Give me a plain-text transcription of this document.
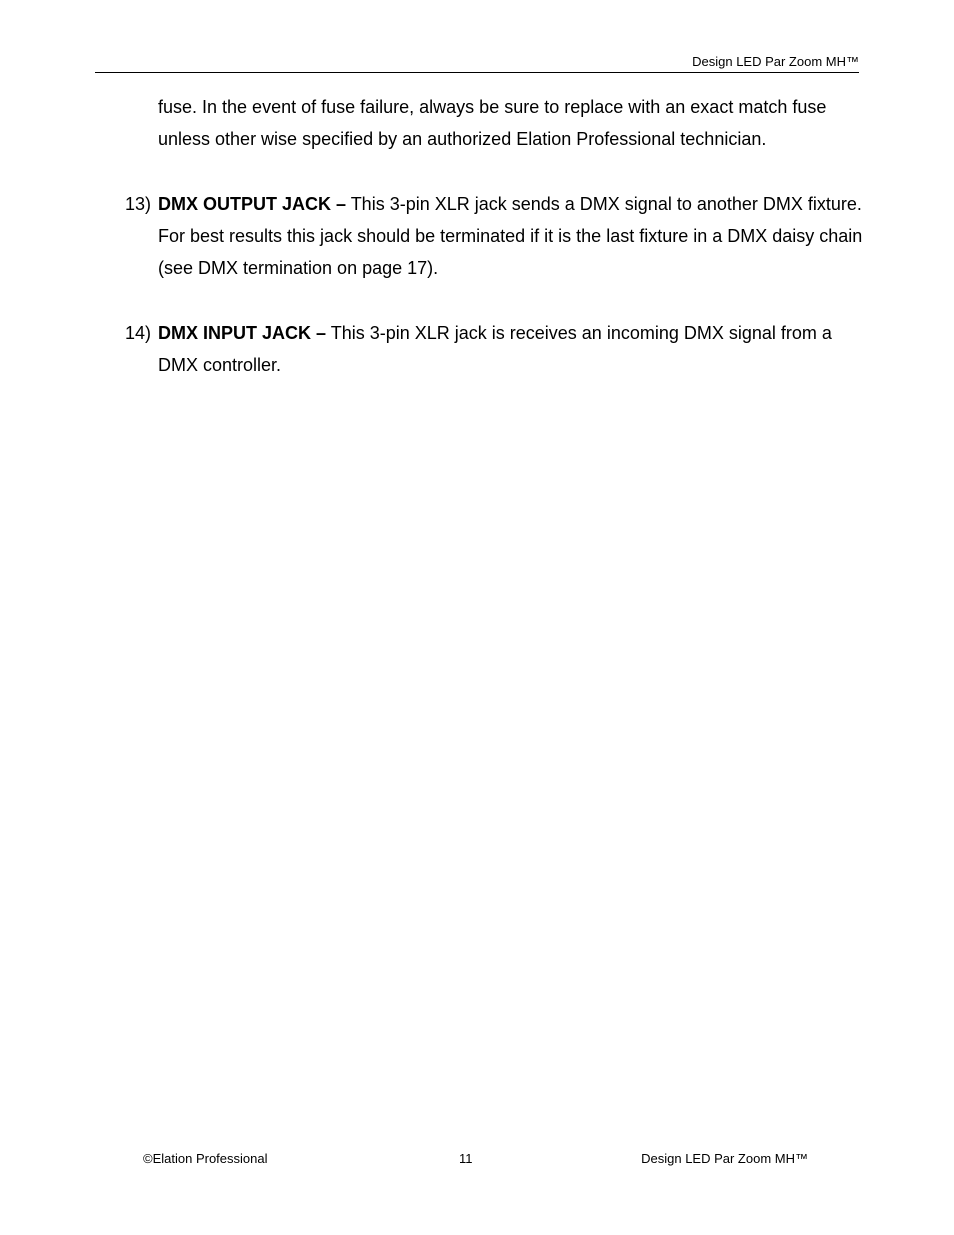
Design LED Par Zoom MH™

fuse. In the event of fuse failure, always be sure to replace with an exact match fuse unless other wise specified by an authorized Elation Professional technician.

13) DMX OUTPUT JACK – This 3-pin XLR jack sends a DMX signal to another DMX fixture. For best results this jack should be terminated if it is the last fixture in a DMX daisy chain (see DMX termination on page 17).
14) DMX INPUT JACK – This 3-pin XLR jack is receives an incoming DMX signal from a DMX controller.
©Elation Professional	11	Design LED Par Zoom MH™
